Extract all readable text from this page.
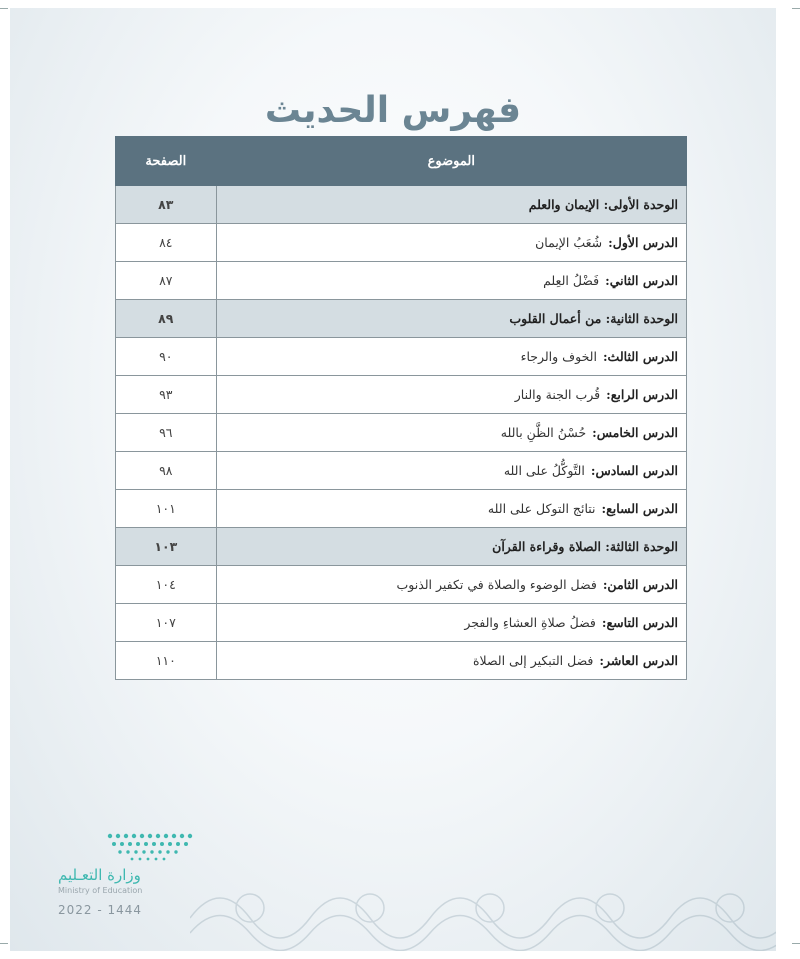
فهرس الحديث
الموضوع	الصفحة
الوحدة الأولى: الإيمان والعلم	٨٣
الدرس الأول:شُعَبُ الإيمان	٨٤
الدرس الثاني:فَضْلُ العِلم	٨٧
الوحدة الثانية: من أعمال القلوب	٨٩
الدرس الثالث:الخوف والرجاء	٩٠
الدرس الرابع:قُرب الجنة والنار	٩٣
الدرس الخامس:حُسْنُ الظَّنِ بالله	٩٦
الدرس السادس:التَّوكُّلُ على الله	٩٨
الدرس السابع:نتائج التوكل على الله	١٠١
الوحدة الثالثة: الصلاة وقراءة القرآن	١٠٣
الدرس الثامن:فضل الوضوء والصلاة في تكفير الذنوب	١٠٤
الدرس التاسع:فضلُ صلاةِ العشاءِ والفجر	١٠٧
الدرس العاشر:فضل التبكير إلى الصلاة	١١٠
وزارة التعـليم
Ministry of Education
2022 - 1444
